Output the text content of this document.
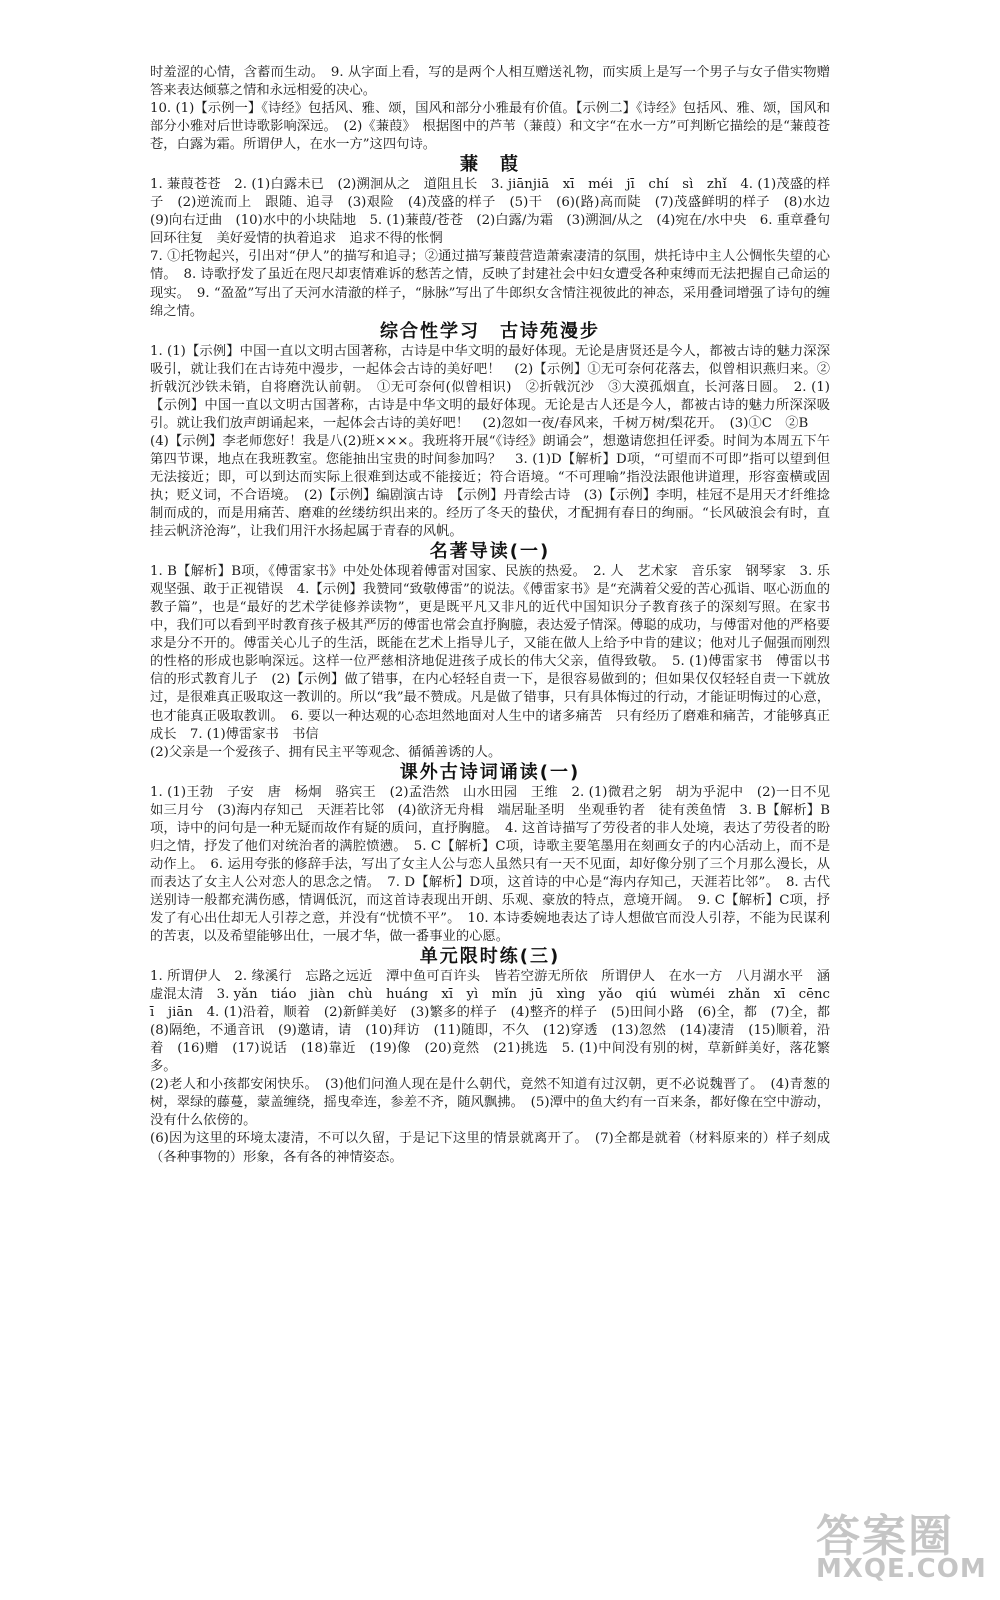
时羞涩的心情，含蓄而生动。　9. 从字面上看，写的是两个人相互赠送礼物，而实质上是写一个男子与女子借实物赠答来表达倾慕之情和永远相爱的决心。

10. (1)【示例一】《诗经》包括风、雅、颂，国风和部分小雅最有价值。【示例二】《诗经》包括风、雅、颂，国风和部分小雅对后世诗歌影响深远。　(2)《蒹葭》　根据图中的芦苇（蒹葭）和文字“在水一方”可判断它描绘的是“蒹葭苍苍，白露为霜。所谓伊人，在水一方”这四句诗。

蒹　葭

1. 蒹葭苍苍　2. (1)白露未已　(2)溯洄从之　道阻且长　3. jiānjiā　xī　méi　jī　chí　sì　zhǐ　4. (1)茂盛的样子　(2)逆流而上　跟随、追寻　(3)艰险　(4)茂盛的样子　(5)干　(6)(路)高而陡　(7)茂盛鲜明的样子　(8)水边　(9)向右迂曲　(10)水中的小块陆地　5. (1)蒹葭/苍苍　(2)白露/为霜　(3)溯洄/从之　(4)宛在/水中央　6. 重章叠句　回环往复　美好爱情的执着追求　追求不得的怅惘

7. ①托物起兴，引出对“伊人”的描写和追寻；②通过描写蒹葭营造萧索凄清的氛围，烘托诗中主人公惆怅失望的心情。　8. 诗歌抒发了虽近在咫尺却衷情难诉的愁苦之情，反映了封建社会中妇女遭受各种束缚而无法把握自己命运的现实。　9. “盈盈”写出了天河水清澈的样子，“脉脉”写出了牛郎织女含情注视彼此的神态，采用叠词增强了诗句的缠绵之情。

综合性学习　古诗苑漫步

1. (1)【示例】中国一直以文明古国著称，古诗是中华文明的最好体现。无论是唐贤还是今人，都被古诗的魅力深深吸引，就让我们在古诗苑中漫步，一起体会古诗的美好吧！　(2)【示例】①无可奈何花落去，似曾相识燕归来。②折戟沉沙铁未销，自将磨洗认前朝。　①无可奈何(似曾相识)　②折戟沉沙　③大漠孤烟直，长河落日圆。　2. (1)【示例】中国一直以文明古国著称，古诗是中华文明的最好体现。无论是古人还是今人，都被古诗的魅力所深深吸引。就让我们放声朗诵起来，一起体会古诗的美好吧！　(2)忽如一夜/春风来，千树万树/梨花开。　(3)①C　②B

(4)【示例】李老师您好！我是八(2)班×××。我班将开展“《诗经》朗诵会”，想邀请您担任评委。时间为本周五下午第四节课，地点在我班教室。您能抽出宝贵的时间参加吗？　3. (1)D【解析】D项，“可望而不可即”指可以望到但无法接近；即，可以到达而实际上很难到达或不能接近；符合语境。“不可理喻”指没法跟他讲道理，形容蛮横或固执；贬义词，不合语境。　(2)【示例】编剧演古诗　【示例】丹青绘古诗　(3)【示例】李明，桂冠不是用天才纤维捻制而成的，而是用痛苦、磨难的丝缕纺织出来的。经历了冬天的蛰伏，才配拥有春日的绚丽。“长风破浪会有时，直挂云帆济沧海”，让我们用汗水扬起属于青春的风帆。

名著导读(一)

1. B【解析】B项，《傅雷家书》中处处体现着傅雷对国家、民族的热爱。　2. 人　艺术家　音乐家　钢琴家　3. 乐观坚强、敢于正视错误　4.【示例】我赞同“致敬傅雷”的说法。《傅雷家书》是“充满着父爱的苦心孤诣、呕心沥血的教子篇”，也是“最好的艺术学徒修养读物”，更是既平凡又非凡的近代中国知识分子教育孩子的深刻写照。在家书中，我们可以看到平时教育孩子极其严厉的傅雷也常会直抒胸臆，表达爱子情深。傅聪的成功，与傅雷对他的严格要求是分不开的。傅雷关心儿子的生活，既能在艺术上指导儿子，又能在做人上给予中肯的建议；他对儿子倔强而刚烈的性格的形成也影响深远。这样一位严慈相济地促进孩子成长的伟大父亲，值得致敬。　5. (1)傅雷家书　傅雷以书信的形式教育儿子　(2)【示例】做了错事，在内心轻轻自责一下，是很容易做到的；但如果仅仅轻轻自责一下就放过，是很难真正吸取这一教训的。所以“我”最不赞成。凡是做了错事，只有具体悔过的行动，才能证明悔过的心意，也才能真正吸取教训。　6. 要以一种达观的心态坦然地面对人生中的诸多痛苦　只有经历了磨难和痛苦，才能够真正成长　7. (1)傅雷家书　书信

(2)父亲是一个爱孩子、拥有民主平等观念、循循善诱的人。

课外古诗词诵读(一)

1. (1)王勃　子安　唐　杨炯　骆宾王　(2)孟浩然　山水田园　王维　2. (1)微君之躬　胡为乎泥中　(2)一日不见　如三月兮　(3)海内存知己　天涯若比邻　(4)欲济无舟楫　端居耻圣明　坐观垂钓者　徒有羡鱼情　3. B【解析】B项，诗中的问句是一种无疑而故作有疑的质问，直抒胸臆。　4. 这首诗描写了劳役者的非人处境，表达了劳役者的盼归之情，抒发了他们对统治者的满腔愤懑。　5. C【解析】C项，诗歌主要笔墨用在刻画女子的内心活动上，而不是动作上。　6. 运用夸张的修辞手法，写出了女主人公与恋人虽然只有一天不见面，却好像分别了三个月那么漫长，从而表达了女主人公对恋人的思念之情。　7. D【解析】D项，这首诗的中心是“海内存知己，天涯若比邻”。　8. 古代送别诗一般都充满伤感，情调低沉，而这首诗表现出开朗、乐观、豪放的特点，意境开阔。　9. C【解析】C项，抒发了有心出仕却无人引荐之意，并没有“忧愤不平”。　10. 本诗委婉地表达了诗人想做官而没人引荐，不能为民谋利的苦衷，以及希望能够出仕，一展才华，做一番事业的心愿。

单元限时练(三)

1. 所谓伊人　2. 缘溪行　忘路之远近　潭中鱼可百许头　皆若空游无所依　所谓伊人　在水一方　八月湖水平　涵虚混太清　3. yǎn　tiáo　jiàn　chù　huáng　xī　yì　mǐn　jū　xìng　yǎo　qiú　wùméi　zhǎn　xī　cēncī　jiān　4. (1)沿着，顺着　(2)新鲜美好　(3)繁多的样子　(4)整齐的样子　(5)田间小路　(6)全，都　(7)全，都　(8)隔绝，不通音讯　(9)邀请，请　(10)拜访　(11)随即，不久　(12)穿透　(13)忽然　(14)凄清　(15)顺着，沿着　(16)赠　(17)说话　(18)靠近　(19)像　(20)竟然　(21)挑选　5. (1)中间没有别的树，草新鲜美好，落花繁多。

(2)老人和小孩都安闲快乐。　(3)他们问渔人现在是什么朝代，竟然不知道有过汉朝，更不必说魏晋了。　(4)青葱的树，翠绿的藤蔓，蒙盖缠绕，摇曳牵连，参差不齐，随风飘拂。　(5)潭中的鱼大约有一百来条，都好像在空中游动，没有什么依傍的。

(6)因为这里的环境太凄清，不可以久留，于是记下这里的情景就离开了。　(7)全都是就着（材料原来的）样子刻成（各种事物的）形象，各有各的神情姿态。

答案圈
MXQE.COM
